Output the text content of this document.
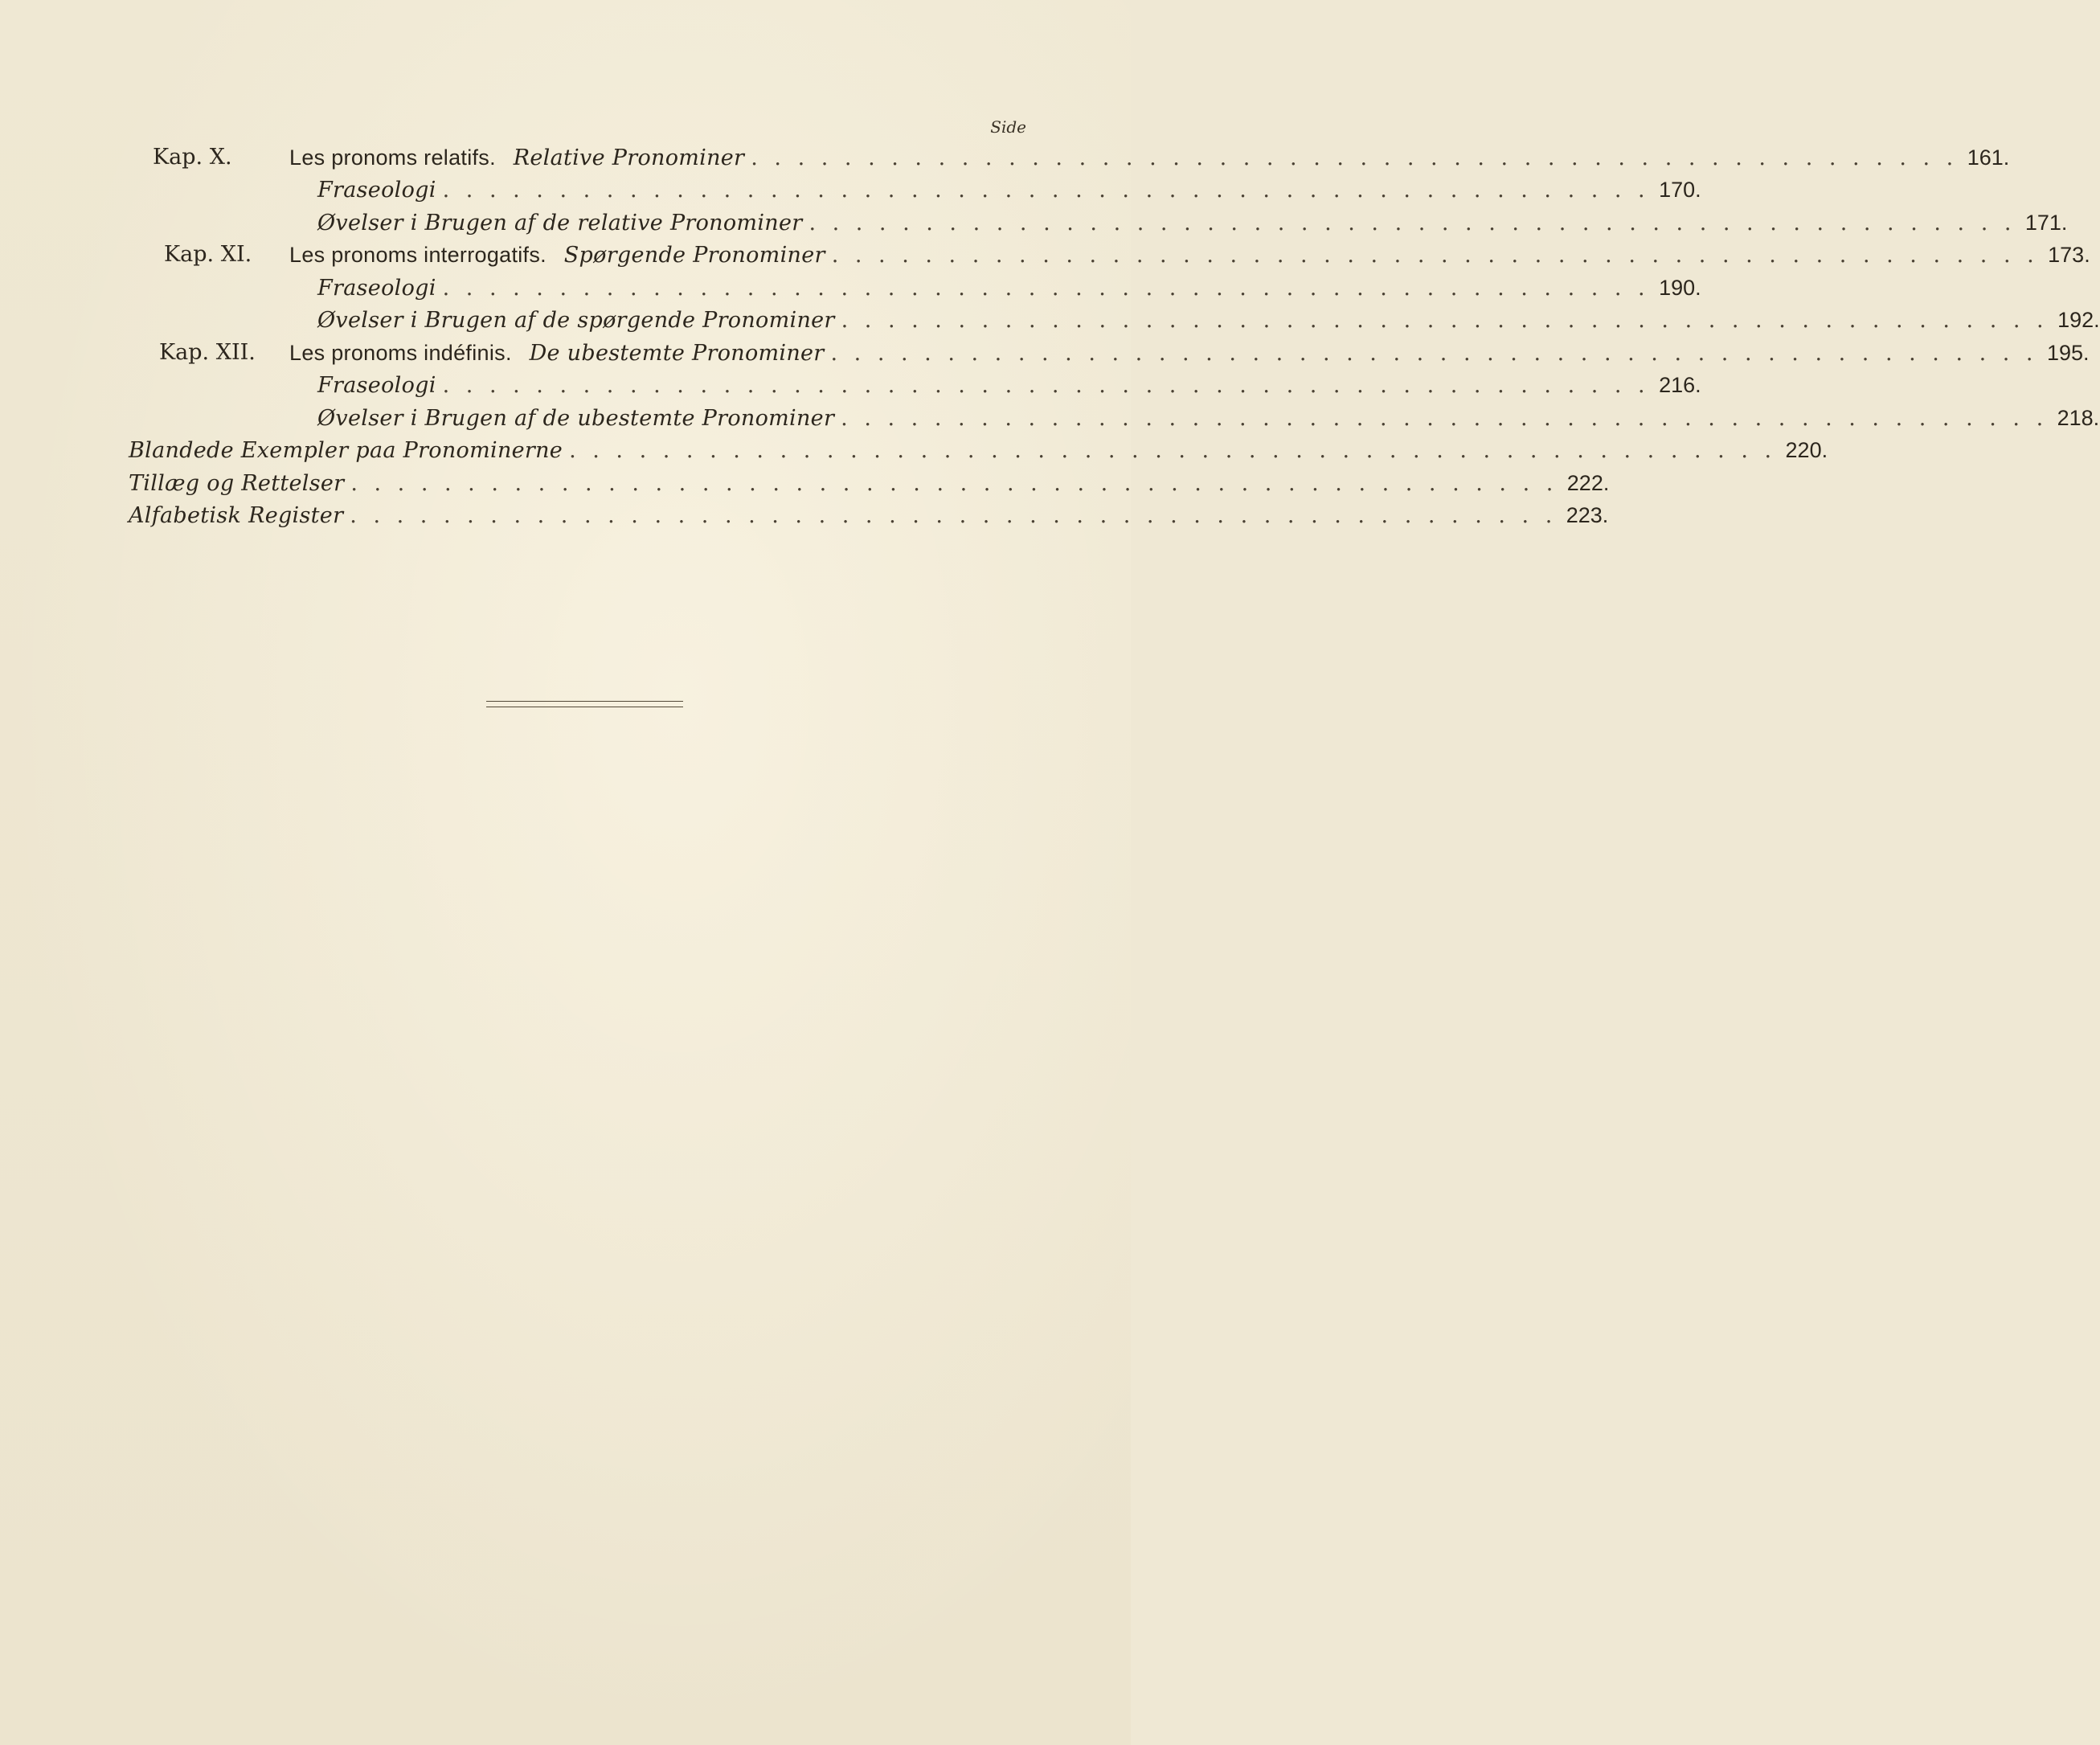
Side
Kap. X.	Les pronoms relatifs. Relative Pronominer . . . . . . . . . . . . . . . . . . . . . . . . . . . . . . . . . . . . . . . . . . . . . . . . . . . . 161.
Fraseologi . . . . . . . . . . . . . . . . . . . . . . . . . . . . . . . . . . . . . . . . . . . . . . . . . . . . 170.
Øvelser i Brugen af de relative Pronominer . . . . . . . . . . . . . . . . . . . . . . . . . . . . . . . . . . . . . . . . . . . . . . . . . . . . 171.
Kap. XI. Les pronoms interrogatifs. Spørgende Pronominer . . . . . . . . . . . . . . . . . . . . . . . . . . . . . . . . . . . . . . . . . . . . . . . . . . . . 173.
Fraseologi . . . . . . . . . . . . . . . . . . . . . . . . . . . . . . . . . . . . . . . . . . . . . . . . . . . . 190.
Øvelser i Brugen af de spørgende Pronominer . . . . . . . . . . . . . . . . . . . . . . . . . . . . . . . . . . . . . . . . . . . . . . . . . . . . 192.
Kap. XII. Les pronoms indéfinis. De ubestemte Pronominer . . . . . . . . . . . . . . . . . . . . . . . . . . . . . . . . . . . . . . . . . . . . . . . . . . . . 195.
Fraseologi . . . . . . . . . . . . . . . . . . . . . . . . . . . . . . . . . . . . . . . . . . . . . . . . . . . . 216.
Øvelser i Brugen af de ubestemte Pronominer . . . . . . . . . . . . . . . . . . . . . . . . . . . . . . . . . . . . . . . . . . . . . . . . . . . . 218.
Blandede Exempler paa Pronominerne . . . . . . . . . . . . . . . . . . . . . . . . . . . . . . . . . . . . . . . . . . . . . . . . . . . . 220.
Tillæg og Rettelser . . . . . . . . . . . . . . . . . . . . . . . . . . . . . . . . . . . . . . . . . . . . . . . . . . . . 222.
Alfabetisk Register . . . . . . . . . . . . . . . . . . . . . . . . . . . . . . . . . . . . . . . . . . . . . . . . . . . . 223.
